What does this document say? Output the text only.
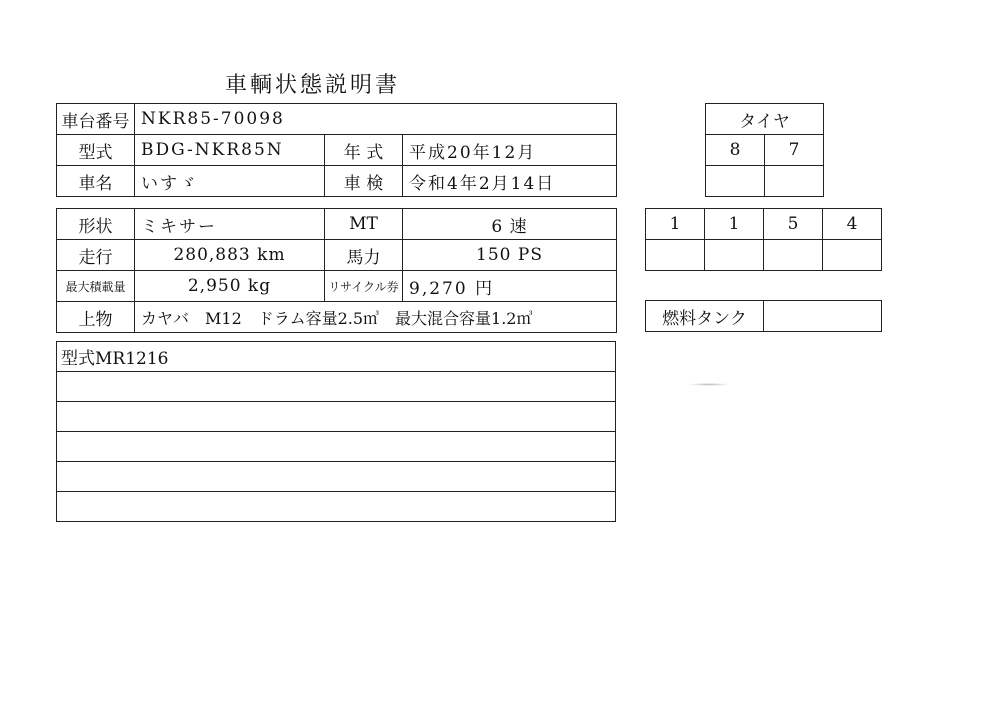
車輌状態説明書
車台番号	NKR85-70098		
型式	BDG-NKR85N	年 式	平成20年12月
車名	いすゞ	車 検	令和4年2月14日
形状	ミキサー	MT	6 速
走行	280,883 km	馬力	150 PS
最大積載量	2,950 kg	リサイクル券	9,270 円
上物	カヤバ　M12　ドラム容量2.5㎥　最大混合容量1.2㎥		
型式MR1216

タイヤ	
8	7

1	1	5	4

燃料タンク	
